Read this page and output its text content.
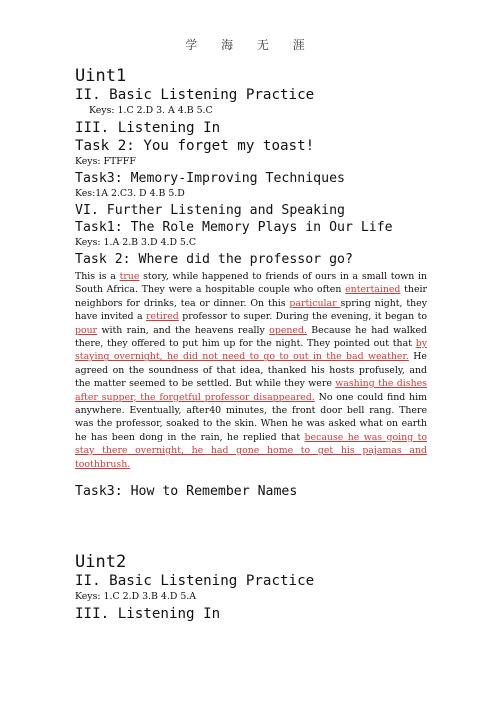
学 海 无 涯

Uint1

II. Basic Listening Practice

Keys: 1.C 2.D 3. A 4.B 5.C

III. Listening In

Task 2: You forget my toast!

Keys: FTFFF

Task3: Memory-Improving Techniques

Kes:1A 2.C3. D 4.B 5.D

VI. Further Listening and Speaking

Task1: The Role Memory Plays in Our Life

Keys: 1.A 2.B 3.D 4.D 5.C

Task 2: Where did the professor go?

This is a true story, while happened to friends of ours in a small town in South Africa. They were a hospitable couple who often entertained their neighbors for drinks, tea or dinner. On this particular spring night, they have invited a retired professor to super. During the evening, it began to pour with rain, and the heavens really opened. Because he had walked there, they offered to put him up for the night. They pointed out that by staying overnight, he did not need to go to out in the bad weather. He agreed on the soundness of that idea, thanked his hosts profusely, and the matter seemed to be settled. But while they were washing the dishes after supper, the forgetful professor disappeared. No one could find him anywhere. Eventually, after40 minutes, the front door bell rang. There was the professor, soaked to the skin. When he was asked what on earth he has been dong in the rain, he replied that because he was going to stay there overnight, he had gone home to get his pajamas and toothbrush.

Task3: How to Remember Names

Uint2

II. Basic Listening Practice

Keys: 1.C 2.D 3.B 4.D 5.A

III. Listening In
